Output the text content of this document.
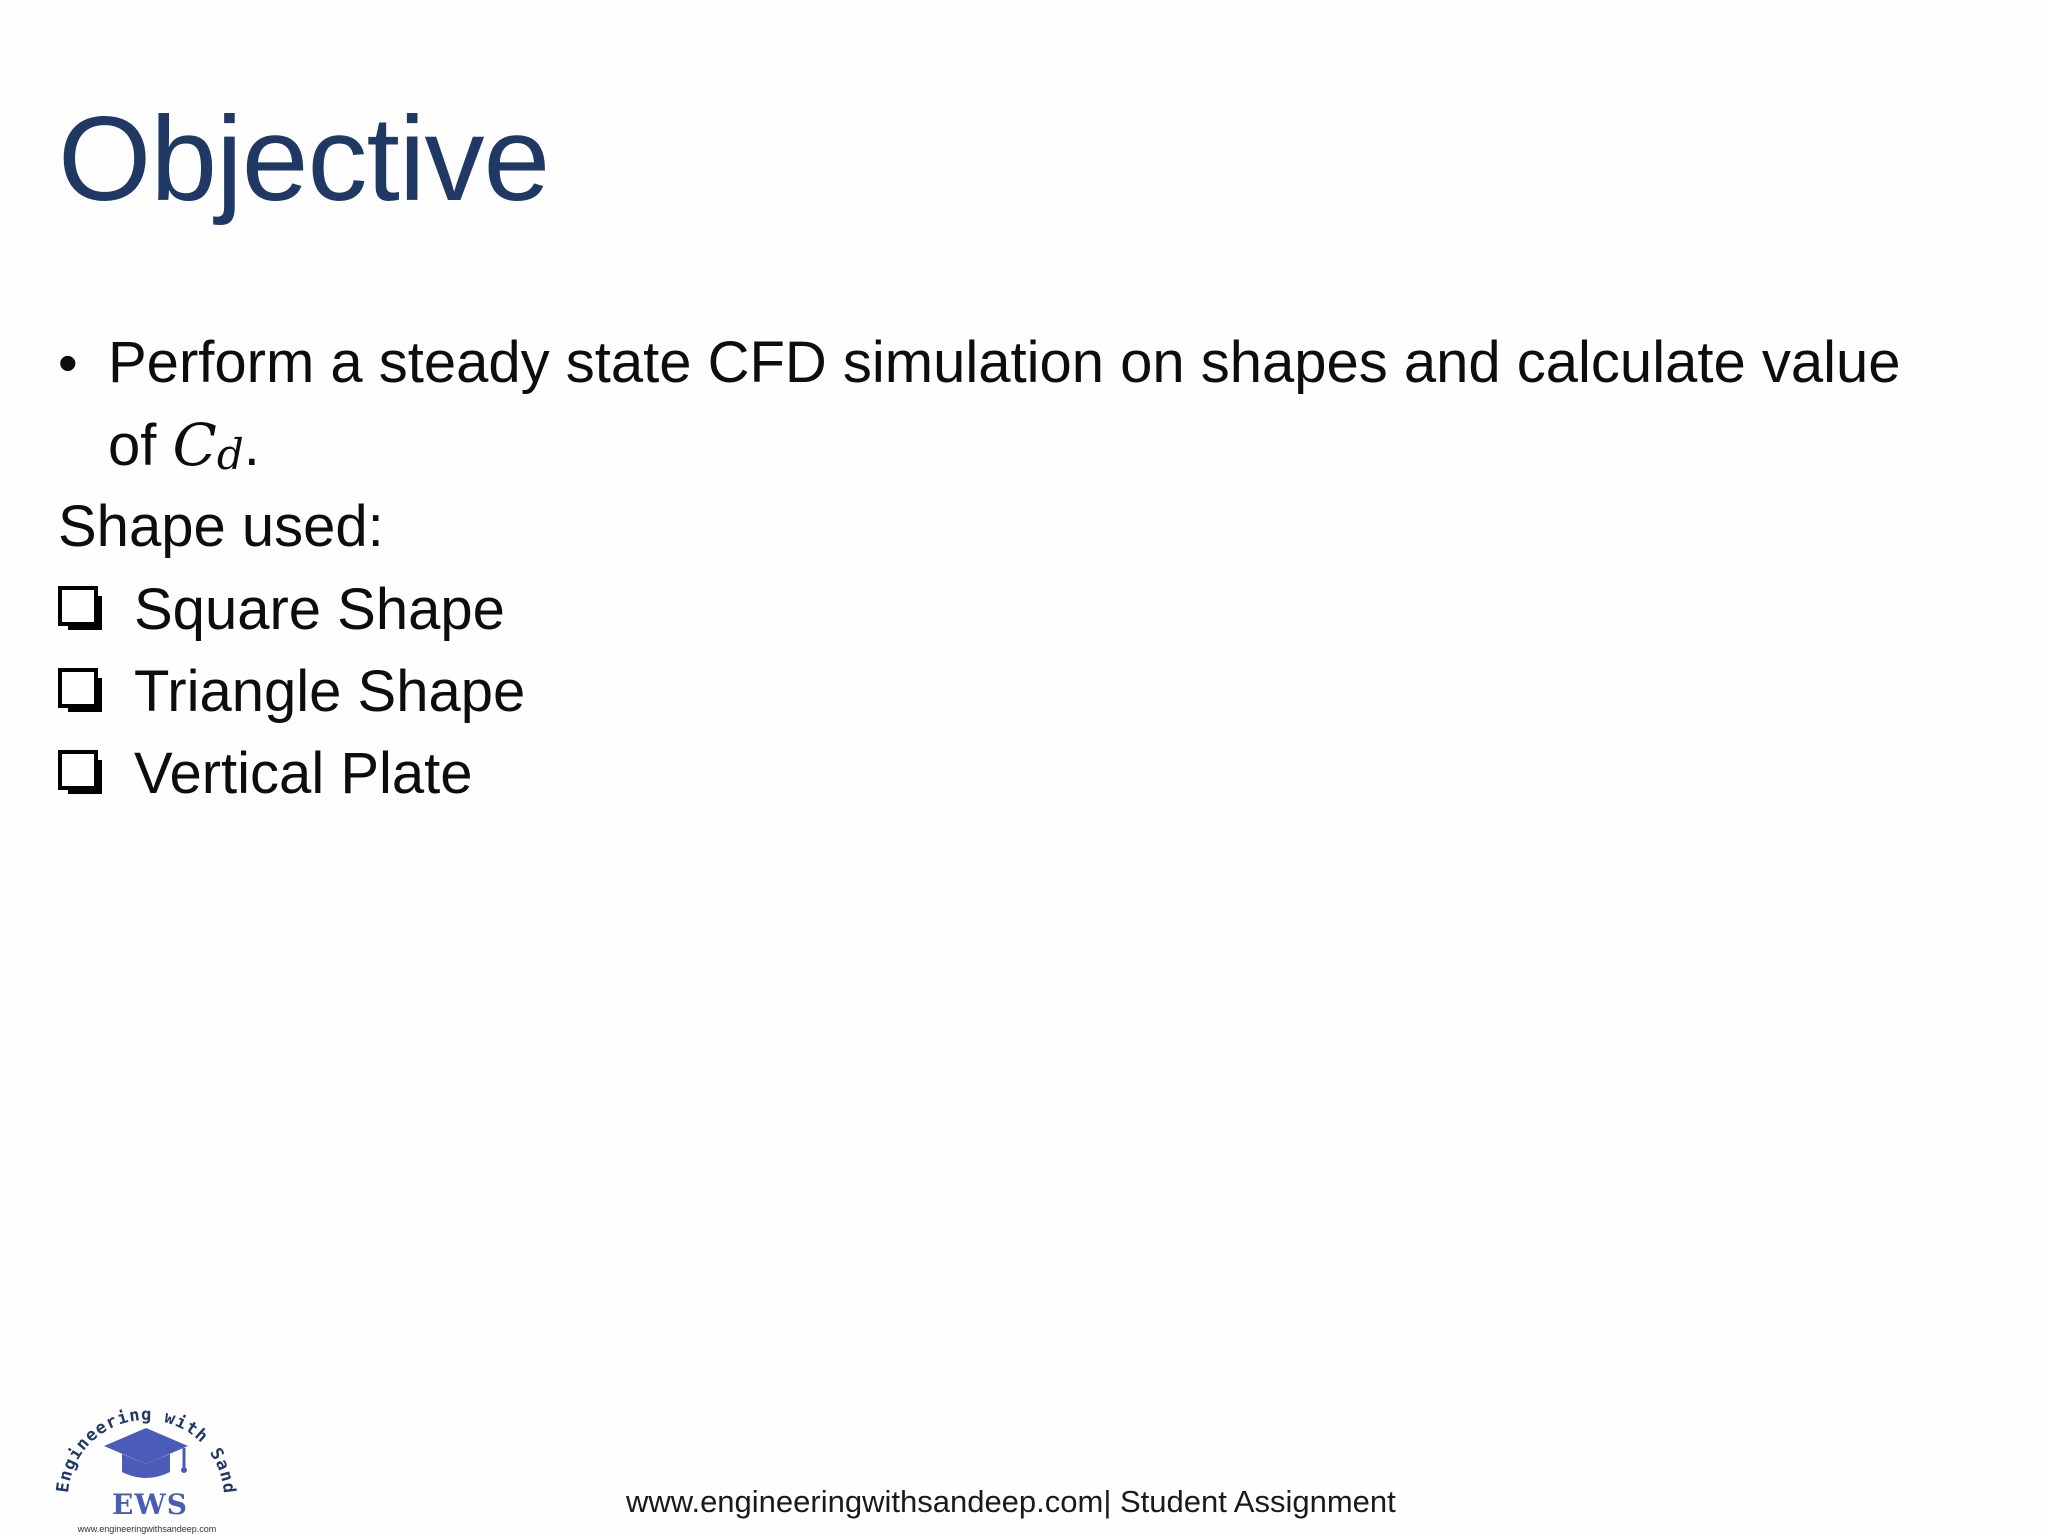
Objective
• Perform a steady state CFD simulation on shapes and calculate value of $C_d$.
Shape used:
Square Shape
Triangle Shape
Vertical Plate
Engineering with Sand
EWS
www.engineeringwithsandeep.com
www.engineeringwithsandeep.com| Student Assignment
